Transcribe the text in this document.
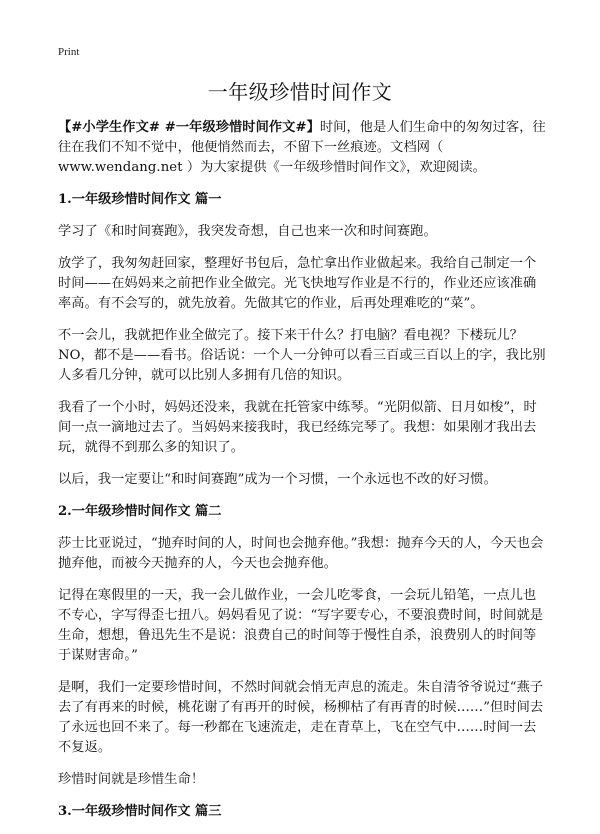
Print
一年级珍惜时间作文

【#小学生作文# #一年级珍惜时间作文#】时间，他是人们生命中的匆匆过客，往往在我们不知不觉中，他便悄然而去，不留下一丝痕迹。文档网（ www.wendang.net ）为大家提供《一年级珍惜时间作文》，欢迎阅读。

1.一年级珍惜时间作文 篇一

学习了《和时间赛跑》，我突发奇想，自己也来一次和时间赛跑。

放学了，我匆匆赶回家，整理好书包后，急忙拿出作业做起来。我给自己制定一个时间——在妈妈来之前把作业全做完。光飞快地写作业是不行的，作业还应该准确率高。有不会写的，就先放着。先做其它的作业，后再处理难吃的“菜”。

不一会儿，我就把作业全做完了。接下来干什么？打电脑？看电视？下楼玩儿？NO，都不是——看书。俗话说：一个人一分钟可以看三百或三百以上的字，我比别人多看几分钟，就可以比别人多拥有几倍的知识。

我看了一个小时，妈妈还没来，我就在托管家中练琴。“光阴似箭、日月如梭”，时间一点一滴地过去了。当妈妈来接我时，我已经练完琴了。我想：如果刚才我出去玩，就得不到那么多的知识了。

以后，我一定要让“和时间赛跑”成为一个习惯，一个永远也不改的好习惯。

2.一年级珍惜时间作文 篇二

莎士比亚说过，“抛弃时间的人，时间也会抛弃他。”我想：抛弃今天的人，今天也会抛弃他，而被今天抛弃的人，今天也会抛弃他。

记得在寒假里的一天，我一会儿做作业，一会儿吃零食，一会玩儿铅笔，一点儿也不专心，字写得歪七扭八。妈妈看见了说：“写字要专心，不要浪费时间，时间就是生命，想想，鲁迅先生不是说：浪费自己的时间等于慢性自杀，浪费别人的时间等于谋财害命。”

是啊，我们一定要珍惜时间，不然时间就会悄无声息的流走。朱自清爷爷说过“燕子去了有再来的时候，桃花谢了有再开的时候，杨柳枯了有再青的时候……”但时间去了永远也回不来了。每一秒都在飞速流走，走在青草上，飞在空气中……时间一去不复返。

珍惜时间就是珍惜生命！

3.一年级珍惜时间作文 篇三
